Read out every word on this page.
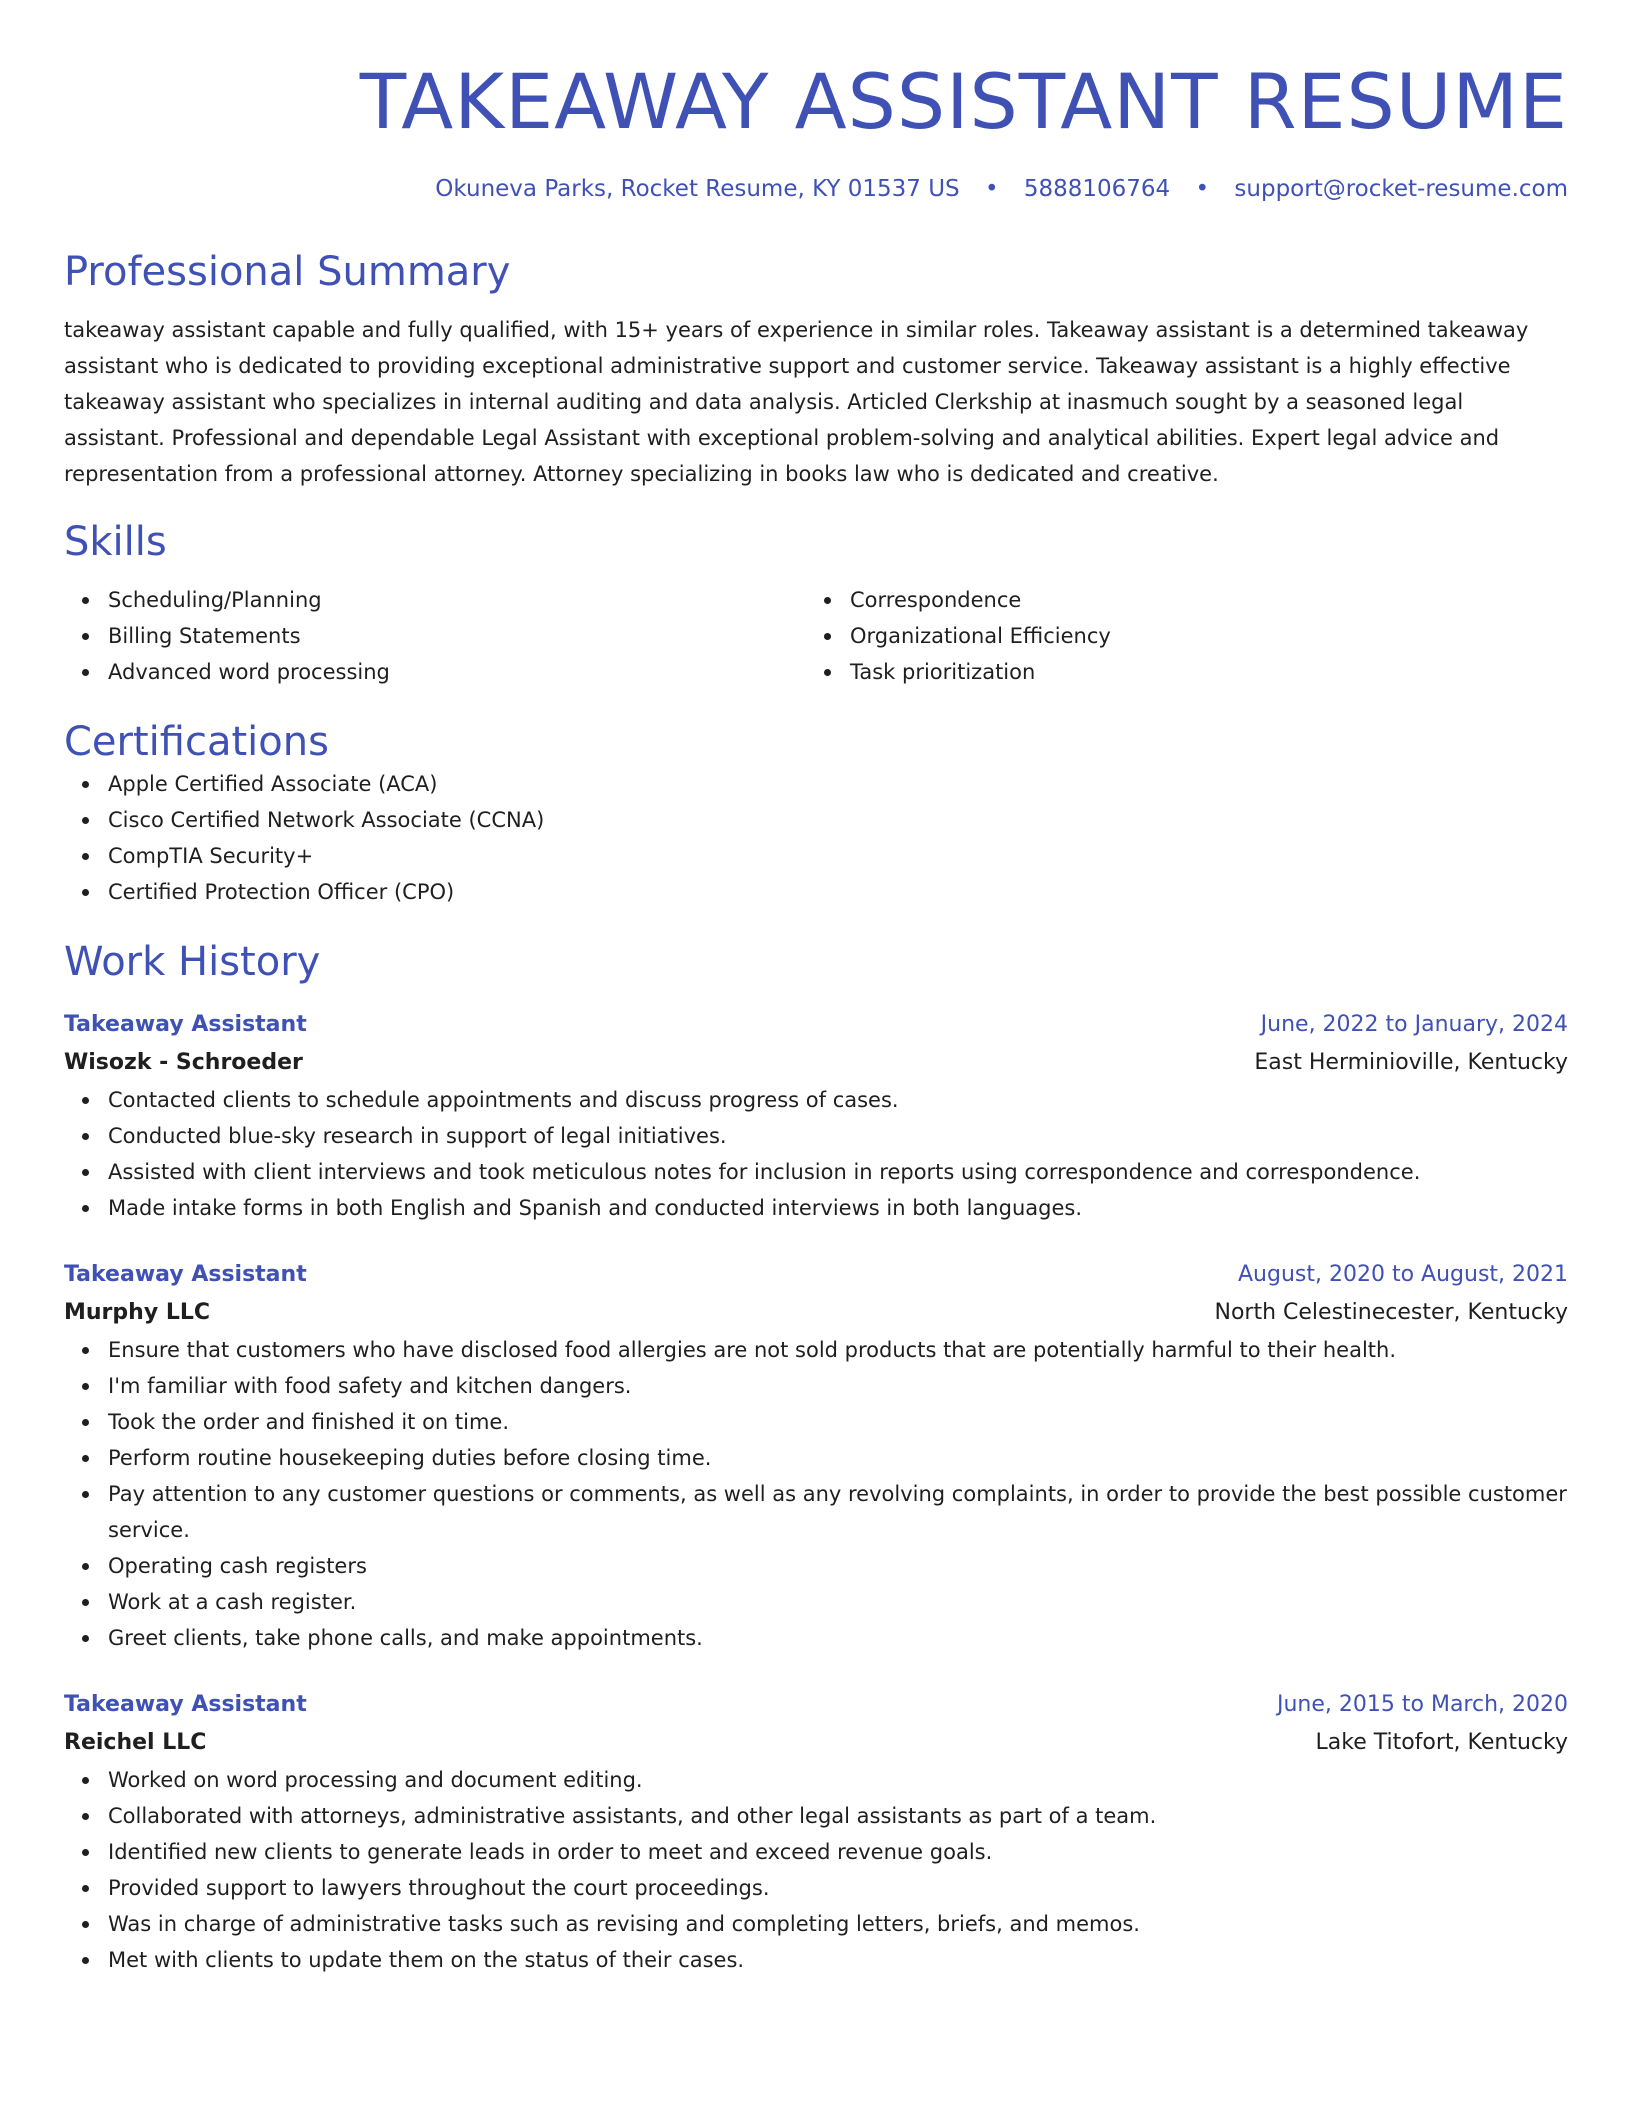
TAKEAWAY ASSISTANT RESUME
Okuneva Parks, Rocket Resume, KY 01537 US • 5888106764 • support@rocket-resume.com
Professional Summary

takeaway assistant capable and fully qualified, with 15+ years of experience in similar roles. Takeaway assistant is a determined takeaway assistant who is dedicated to providing exceptional administrative support and customer service. Takeaway assistant is a highly effective takeaway assistant who specializes in internal auditing and data analysis. Articled Clerkship at inasmuch sought by a seasoned legal assistant. Professional and dependable Legal Assistant with exceptional problem-solving and analytical abilities. Expert legal advice and representation from a professional attorney. Attorney specializing in books law who is dedicated and creative.

Skills
Scheduling/Planning
Billing Statements
Advanced word processing
Correspondence
Organizational Efficiency
Task prioritization
Certifications
Apple Certified Associate (ACA)
Cisco Certified Network Associate (CCNA)
CompTIA Security+
Certified Protection Officer (CPO)
Work History
Takeaway Assistant	June, 2022 to January, 2024
Wisozk - Schroeder	East Herminioville, Kentucky
Contacted clients to schedule appointments and discuss progress of cases.
Conducted blue-sky research in support of legal initiatives.
Assisted with client interviews and took meticulous notes for inclusion in reports using correspondence and correspondence.
Made intake forms in both English and Spanish and conducted interviews in both languages.
Takeaway Assistant	August, 2020 to August, 2021
Murphy LLC	North Celestinecester, Kentucky
Ensure that customers who have disclosed food allergies are not sold products that are potentially harmful to their health.
I'm familiar with food safety and kitchen dangers.
Took the order and finished it on time.
Perform routine housekeeping duties before closing time.
Pay attention to any customer questions or comments, as well as any revolving complaints, in order to provide the best possible customer service.
Operating cash registers
Work at a cash register.
Greet clients, take phone calls, and make appointments.
Takeaway Assistant	June, 2015 to March, 2020
Reichel LLC	Lake Titofort, Kentucky
Worked on word processing and document editing.
Collaborated with attorneys, administrative assistants, and other legal assistants as part of a team.
Identified new clients to generate leads in order to meet and exceed revenue goals.
Provided support to lawyers throughout the court proceedings.
Was in charge of administrative tasks such as revising and completing letters, briefs, and memos.
Met with clients to update them on the status of their cases.
